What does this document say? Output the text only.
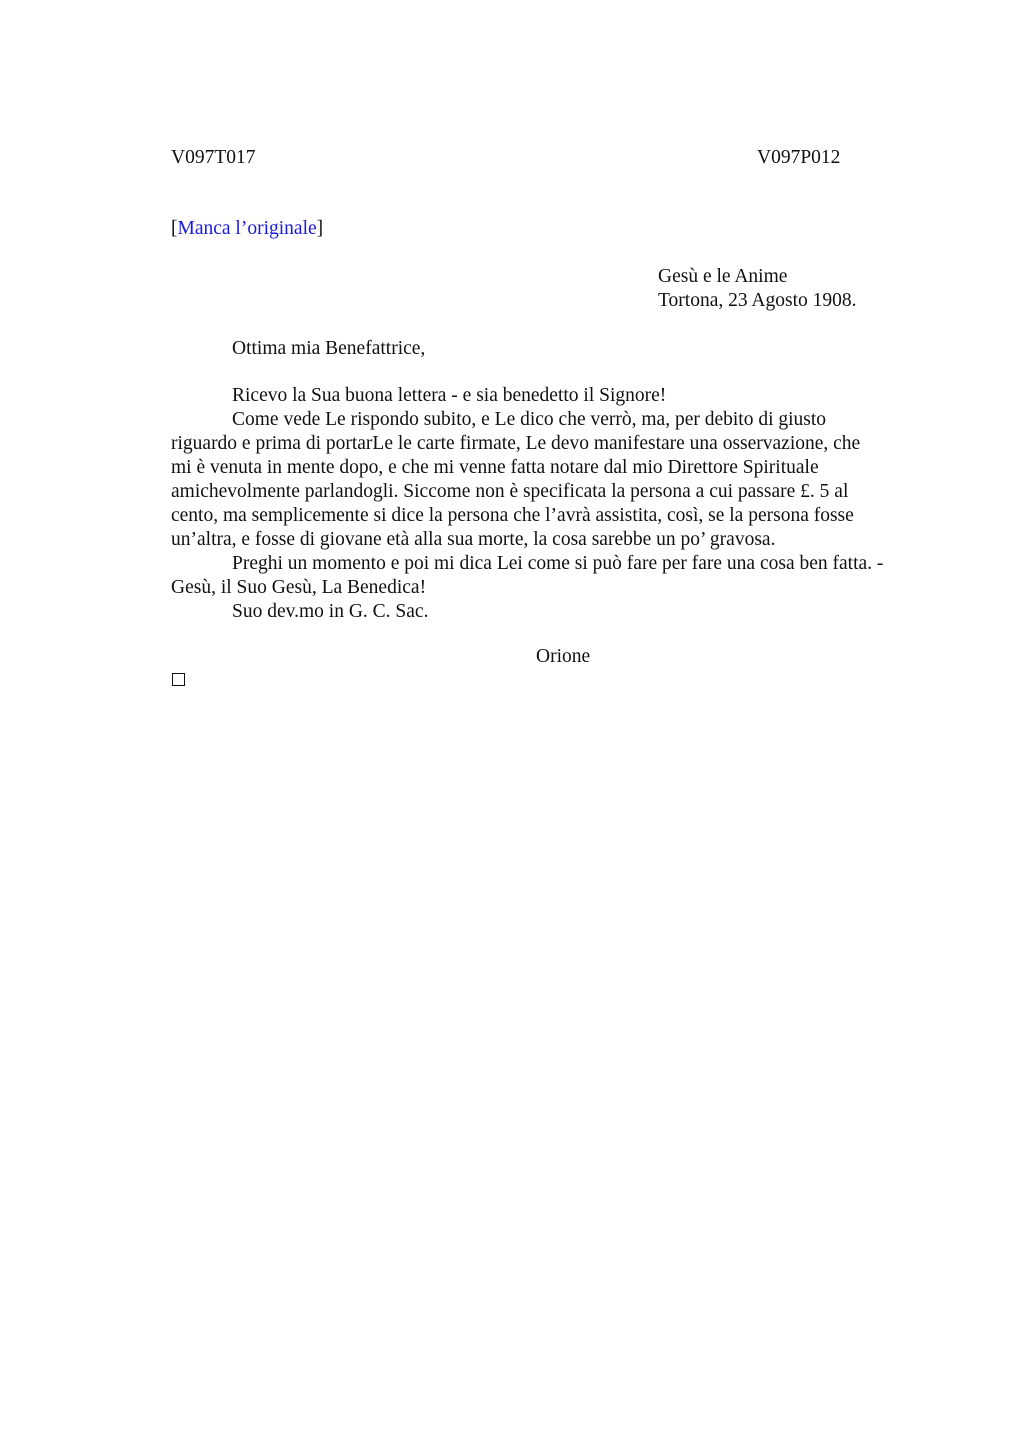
V097T017	V097P012
[Manca l’originale]
Gesù e le Anime
Tortona, 23 Agosto 1908.
Ottima mia Benefattrice,
Ricevo la Sua buona lettera - e sia benedetto il Signore!
Come vede Le rispondo subito, e Le dico che verrò, ma, per debito di giusto
riguardo e prima di portarLe le carte firmate, Le devo manifestare una osservazione, che
mi è venuta in mente dopo, e che mi venne fatta notare dal mio Direttore Spirituale
amichevolmente parlandogli. Siccome non è specificata la persona a cui passare £. 5 al
cento, ma semplicemente si dice la persona che l’avrà assistita, così, se la persona fosse
un’altra, e fosse di giovane età alla sua morte, la cosa sarebbe un po’ gravosa.
Preghi un momento e poi mi dica Lei come si può fare per fare una cosa ben fatta. -
Gesù, il Suo Gesù, La Benedica!
Suo dev.mo in G. C. Sac.
Orione
